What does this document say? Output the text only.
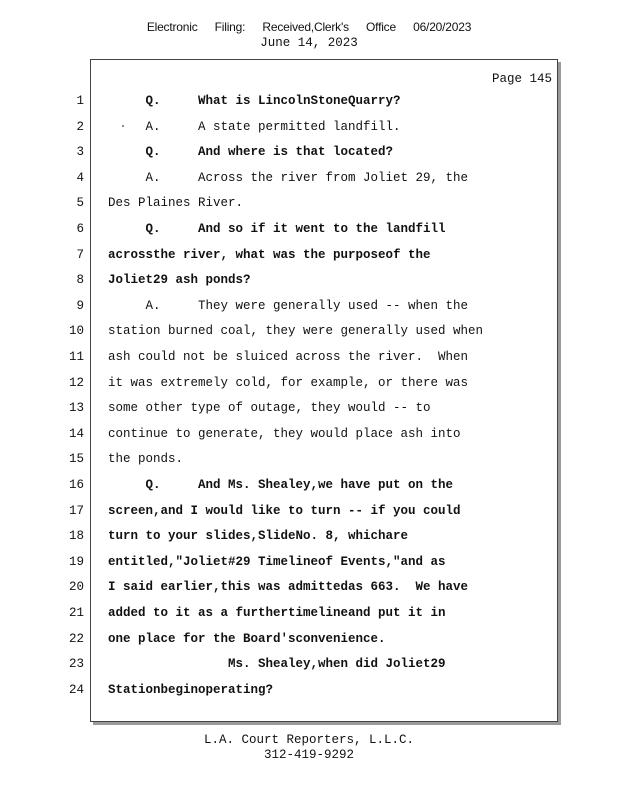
Electronic Filing: Received,Clerk's Office 06/20/2023
June 14, 2023
Page 145
1 Q.     What is LincolnStoneQuarry?
2 A.     A state permitted landfill.
3 Q.     And where is that located?
4 A.     Across the river from Joliet 29, the
5 Des Plaines River.
6 Q.     And so if it went to the landfill
7 acrossthe river, what was the purposeof the
8 Joliet29 ash ponds?
9 A.     They were generally used -- when the
10 station burned coal, they were generally used when
11 ash could not be sluiced across the river.  When
12 it was extremely cold, for example, or there was
13 some other type of outage, they would -- to
14 continue to generate, they would place ash into
15 the ponds.
16 Q.     And Ms. Shealey,we have put on the
17 screen,and I would like to turn -- if you could
18 turn to your slides,SlideNo. 8, whichare
19 entitled,"Joliet#29 Timelineof Events,"and as
20 I said earlier,this was admittedas 663.  We have
21 added to it as a furthertimelineand put it in
22 one place for the Board'sconvenience.
23 Ms. Shealey,when did Joliet29
24 Stationbeginoperating?
L.A. Court Reporters, L.L.C.
312-419-9292
